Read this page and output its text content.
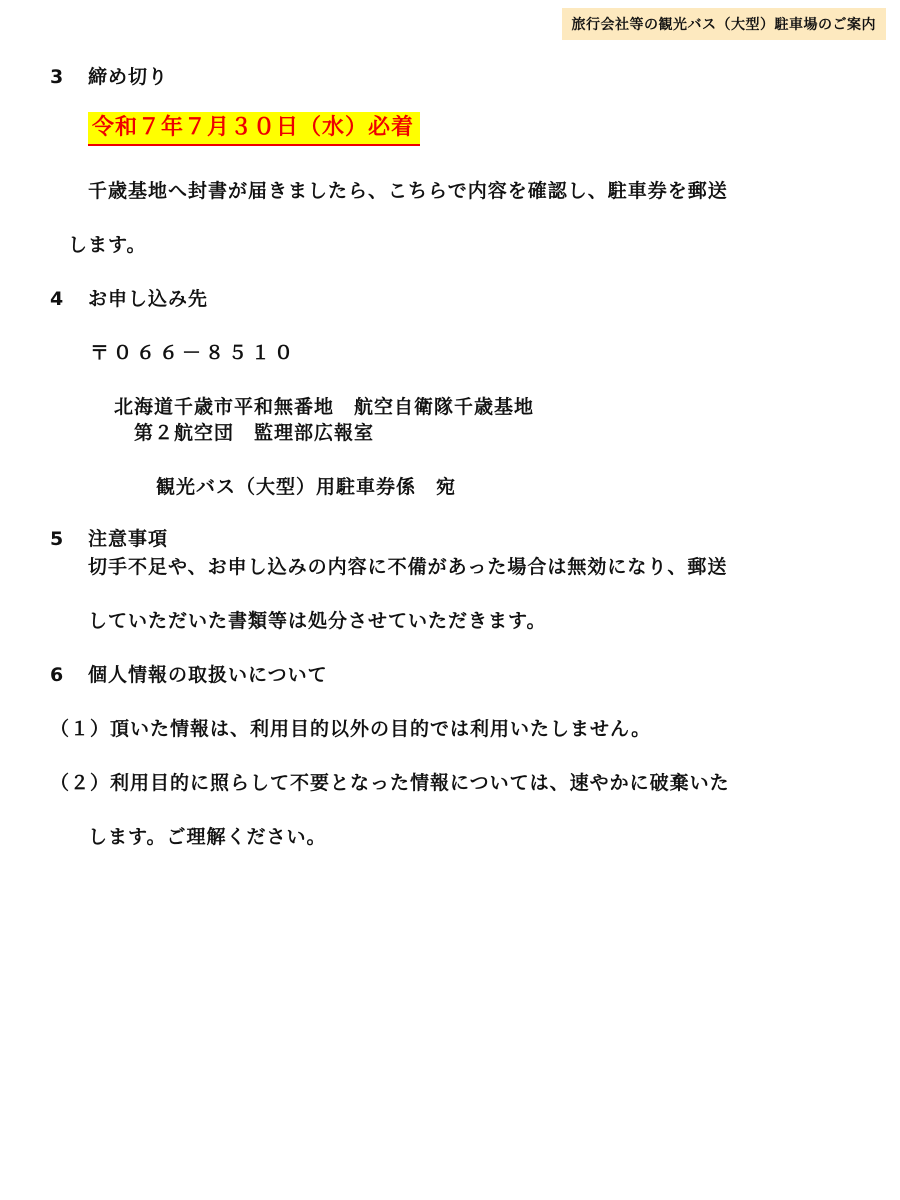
旅行会社等の観光バス（大型）駐車場のご案内
3 締め切り
令和７年７月３０日（水）必着
千歳基地へ封書が届きましたら、こちらで内容を確認し、駐車券を郵送
します。
4 お申し込み先
〒０６６－８５１０
北海道千歳市平和無番地　航空自衛隊千歳基地
第２航空団　監理部広報室
観光バス（大型）用駐車券係　宛
5 注意事項
切手不足や、お申し込みの内容に不備があった場合は無効になり、郵送
していただいた書類等は処分させていただきます。
6 個人情報の取扱いについて
（１）頂いた情報は、利用目的以外の目的では利用いたしません。
（２）利用目的に照らして不要となった情報については、速やかに破棄いた
します。ご理解ください。
